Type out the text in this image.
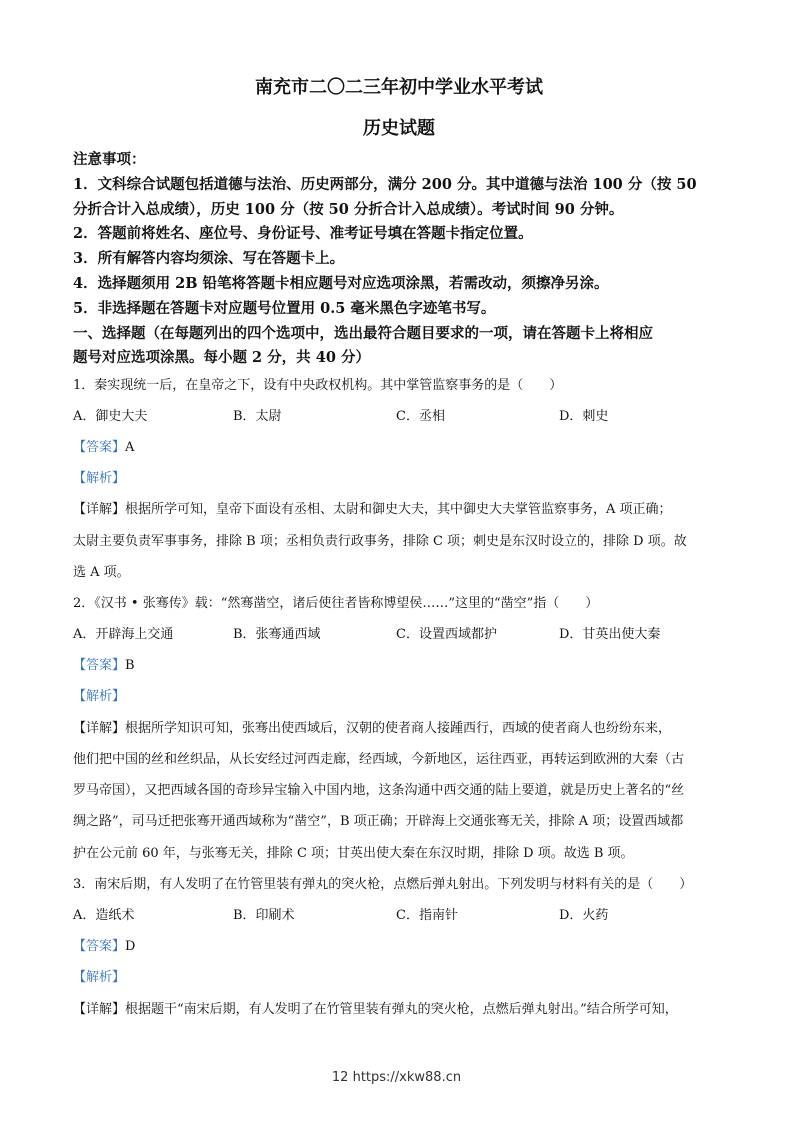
南充市二〇二三年初中学业水平考试
历史试题
注意事项：
1．文科综合试题包括道德与法治、历史两部分，满分 200 分。其中道德与法治 100 分（按 50
分折合计入总成绩），历史 100 分（按 50 分折合计入总成绩）。考试时间 90 分钟。
2．答题前将姓名、座位号、身份证号、准考证号填在答题卡指定位置。
3．所有解答内容均须涂、写在答题卡上。
4．选择题须用 2B 铅笔将答题卡相应题号对应选项涂黑，若需改动，须擦净另涂。
5．非选择题在答题卡对应题号位置用 0.5 毫米黑色字迹笔书写。
一、选择题（在每题列出的四个选项中，选出最符合题目要求的一项，请在答题卡上将相应
题号对应选项涂黑。每小题 2 分，共 40 分）
1．秦实现统一后，在皇帝之下，设有中央政权机构。其中掌管监察事务的是（　　）
A．御史大夫	B．太尉	C．丞相	D．刺史
【答案】A
【解析】
【详解】根据所学可知，皇帝下面设有丞相、太尉和御史大夫，其中御史大夫掌管监察事务，A 项正确；
太尉主要负责军事事务，排除 B 项；丞相负责行政事务，排除 C 项；刺史是东汉时设立的，排除 D 项。故
选 A 项。
2．《汉书 • 张骞传》载：“然骞凿空，诸后使往者皆称博望侯……”这里的“凿空”指（　　）
A．开辟海上交通	B．张骞通西域	C．设置西域都护	D．甘英出使大秦
【答案】B
【解析】
【详解】根据所学知识可知，张骞出使西域后，汉朝的使者商人接踵西行，西域的使者商人也纷纷东来，
他们把中国的丝和丝织品，从长安经过河西走廊，经西域，今新地区，运往西亚，再转运到欧洲的大秦（古
罗马帝国），又把西域各国的奇珍异宝输入中国内地，这条沟通中西交通的陆上要道，就是历史上著名的“丝
绸之路”，司马迁把张骞开通西域称为“凿空”，B 项正确；开辟海上交通张骞无关，排除 A 项；设置西域都
护在公元前 60 年，与张骞无关，排除 C 项；甘英出使大秦在东汉时期，排除 D 项。故选 B 项。
3．南宋后期，有人发明了在竹管里装有弹丸的突火枪，点燃后弹丸射出。下列发明与材料有关的是（　　）
A．造纸术	B．印刷术	C．指南针	D．火药
【答案】D
【解析】
【详解】根据题干“南宋后期，有人发明了在竹管里装有弹丸的突火枪，点燃后弹丸射出。”结合所学可知，
12 https://xkw88.cn
